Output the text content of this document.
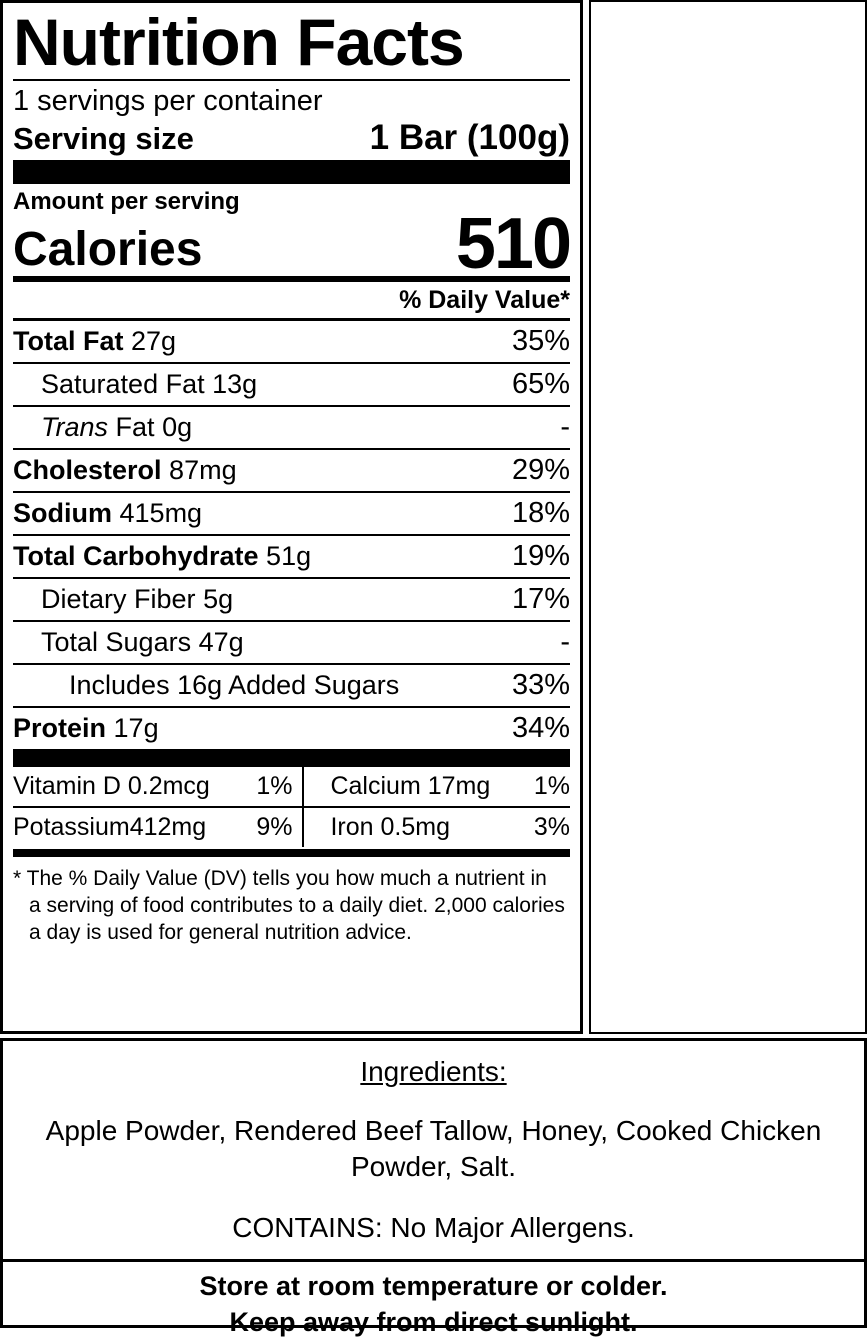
Nutrition Facts
1 servings per container
Serving size	1 Bar (100g)
Amount per serving
Calories	510
% Daily Value*
Total Fat 27g	35%
Saturated Fat 13g	65%
Trans Fat 0g	-
Cholesterol 87mg	29%
Sodium 415mg	18%
Total Carbohydrate 51g	19%
Dietary Fiber 5g	17%
Total Sugars 47g	-
Includes 16g Added Sugars	33%
Protein 17g	34%
Vitamin D 0.2mcg	1%		Calcium 17mg	1%
Potassium412mg	9%		Iron 0.5mg	3%
* The % Daily Value (DV) tells you how much a nutrient in
a serving of food contributes to a daily diet. 2,000 calories
a day is used for general nutrition advice.
Ingredients:
Apple Powder, Rendered Beef Tallow, Honey, Cooked Chicken Powder, Salt.
CONTAINS: No Major Allergens.
Store at room temperature or colder.
Keep away from direct sunlight.
